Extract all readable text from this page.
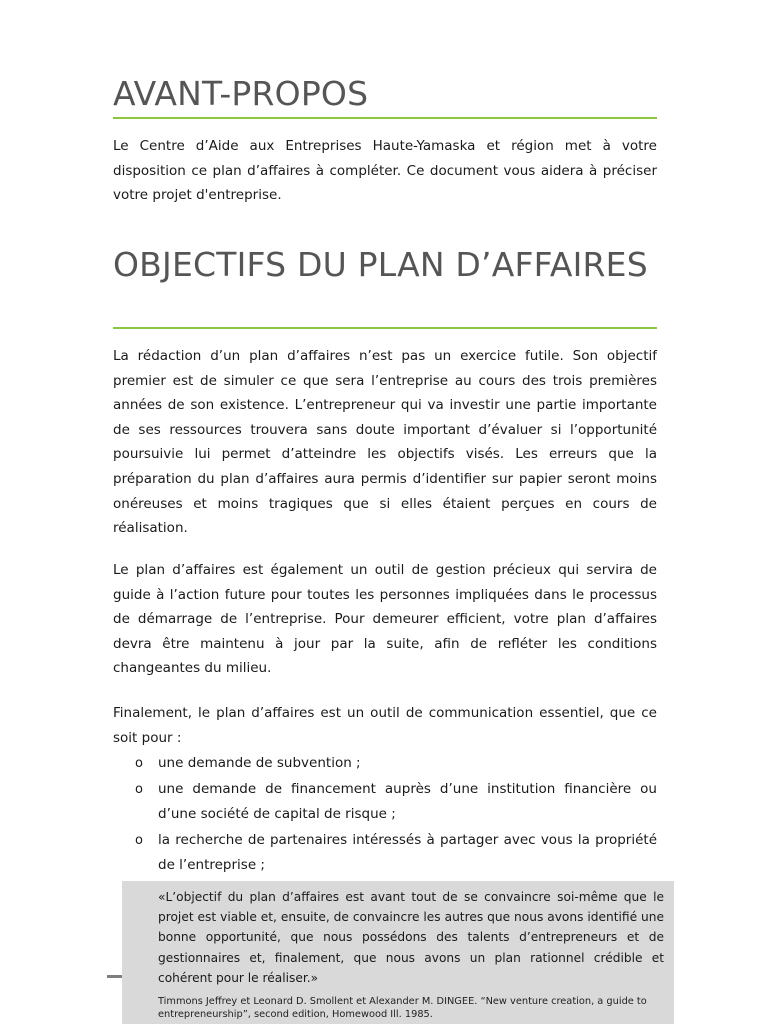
AVANT-PROPOS

Le Centre d’Aide aux Entreprises Haute-Yamaska et région met à votre disposition ce plan d’affaires à compléter. Ce document vous aidera à préciser votre projet d'entreprise.

OBJECTIFS DU PLAN D’AFFAIRES

La rédaction d’un plan d’affaires n’est pas un exercice futile. Son objectif premier est de simuler ce que sera l’entreprise au cours des trois premières années de son existence. L’entrepreneur qui va investir une partie importante de ses ressources trouvera sans doute important d’évaluer si l’opportunité poursuivie lui permet d’atteindre les objectifs visés. Les erreurs que la préparation du plan d’affaires aura permis d’identifier sur papier seront moins onéreuses et moins tragiques que si elles étaient perçues en cours de réalisation.

Le plan d’affaires est également un outil de gestion précieux qui servira de guide à l’action future pour toutes les personnes impliquées dans le processus de démarrage de l’entreprise. Pour demeurer efficient, votre plan d’affaires devra être maintenu à jour par la suite, afin de refléter les conditions changeantes du milieu.

Finalement, le plan d’affaires est un outil de communication essentiel, que ce soit pour :

o une demande de subvention ;
o une demande de financement auprès d’une institution financière ou d’une société de capital de risque ;
o la recherche de partenaires intéressés à partager avec vous la propriété de l’entreprise ;

«L’objectif du plan d’affaires est avant tout de se convaincre soi-même que le projet est viable et, ensuite, de convaincre les autres que nous avons identifié une bonne opportunité, que nous possédons des talents d’entrepreneurs et de gestionnaires et, finalement, que nous avons un plan rationnel crédible et cohérent pour le réaliser.»

Timmons Jeffrey et Leonard D. Smollent et Alexander M. DINGEE. “New venture creation, a guide to entrepreneurship”, second edition, Homewood Ill. 1985.
